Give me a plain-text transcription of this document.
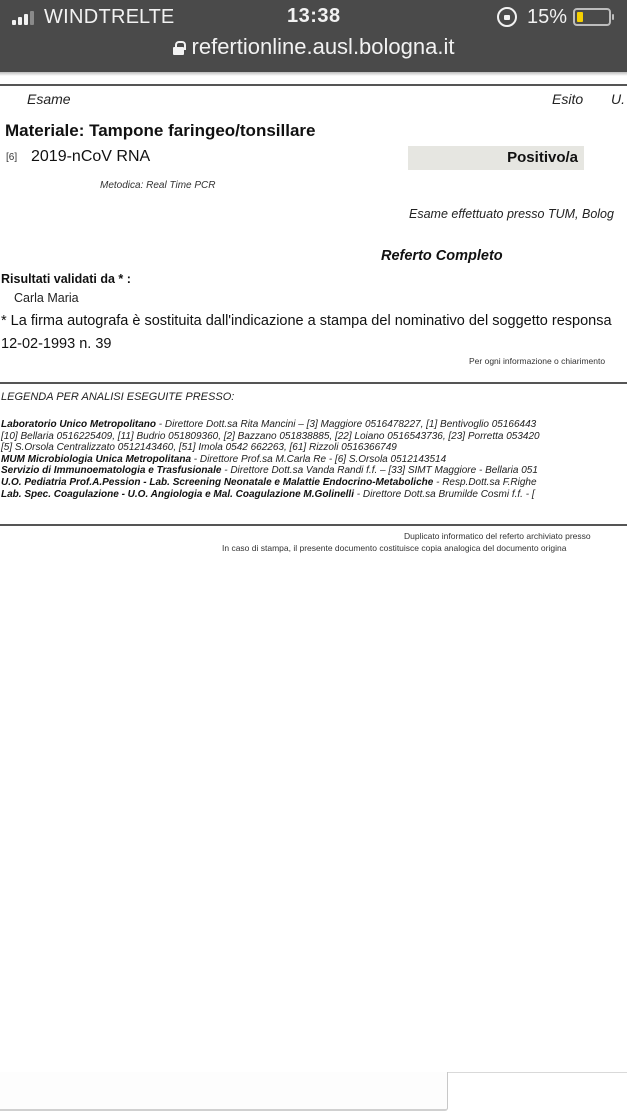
WINDTRE LTE	13:38	15%
refertionline.ausl.bologna.it
Esame	Esito U.
Materiale: Tampone faringeo/tonsillare
[6] 2019-nCoV RNA	Positivo/a
Metodica: Real Time PCR
Esame effettuato presso TUM, Bolog
Referto Completo
Risultati validati da * :
Carla Maria
* La firma autografa è sostituita dall'indicazione a stampa del nominativo del soggetto responsa
12-02-1993 n. 39
Per ogni informazione o chiarimento
LEGENDA PER ANALISI ESEGUITE PRESSO:
Laboratorio Unico Metropolitano - Direttore Dott.sa Rita Mancini – [3] Maggiore 0516478227, [1] Bentivoglio 05166443
[10] Bellaria 0516225409, [11] Budrio 051809360, [2] Bazzano 051838885, [22] Loiano 0516543736, [23] Porretta 053420
[5] S.Orsola Centralizzato 0512143460, [51] Imola 0542 662263, [61] Rizzoli 0516366749
MUM Microbiologia Unica Metropolitana - Direttore Prof.sa M.Carla Re - [6] S.Orsola 0512143514
Servizio di Immunoematologia e Trasfusionale - Direttore Dott.sa Vanda Randi f.f. – [33] SIMT Maggiore - Bellaria 051
U.O. Pediatria Prof.A.Pession - Lab. Screening Neonatale e Malattie Endocrino-Metaboliche - Resp.Dott.sa F.Righe
Lab. Spec. Coagulazione - U.O. Angiologia e Mal. Coagulazione M.Golinelli - Direttore Dott.sa Brumilde Cosmi f.f. - [
Duplicato informatico del referto archiviato presso
In caso di stampa, il presente documento costituisce copia analogica del documento origina
